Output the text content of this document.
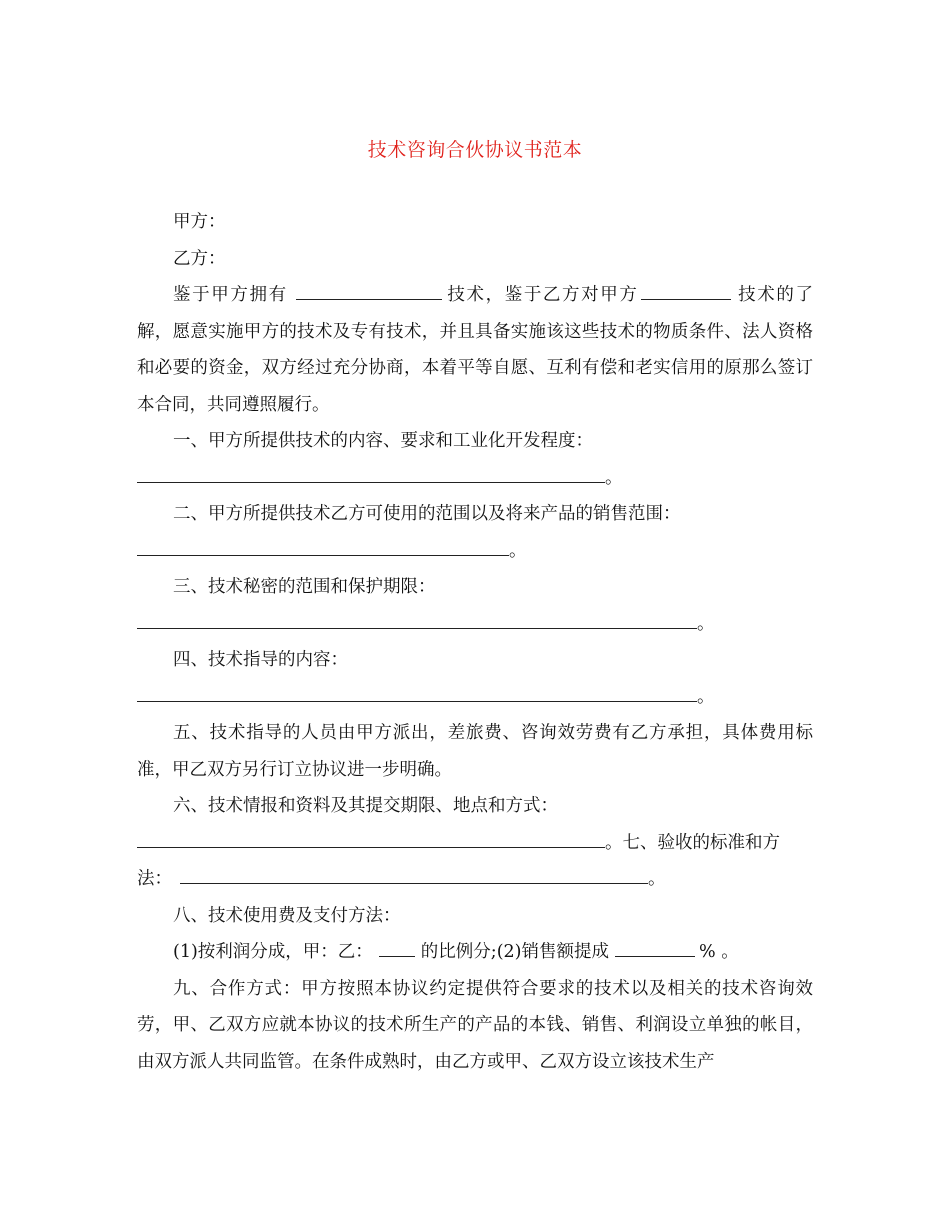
技术咨询合伙协议书范本

甲方：

乙方：

鉴于甲方拥有	技术，鉴于乙方对甲方	技术的了解，愿意实施甲方的技术及专有技术，并且具备实施该这些技术的物质条件、法人资格和必要的资金，双方经过充分协商，本着平等自愿、互利有偿和老实信用的原那么签订本合同，共同遵照履行。

一、甲方所提供技术的内容、要求和工业化开发程度：

。

二、甲方所提供技术乙方可使用的范围以及将来产品的销售范围：

。

三、技术秘密的范围和保护期限：

。

四、技术指导的内容：

。

五、技术指导的人员由甲方派出，差旅费、咨询效劳费有乙方承担，具体费用标准，甲乙双方另行订立协议进一步明确。

六、技术情报和资料及其提交期限、地点和方式：

。七、验收的标准和方

法：	。

八、技术使用费及支付方法：

(1)按利润分成，甲：乙：	的比例分;(2)销售额提成	% 。

九、合作方式：甲方按照本协议约定提供符合要求的技术以及相关的技术咨询效劳，甲、乙双方应就本协议的技术所生产的产品的本钱、销售、利润设立单独的帐目，由双方派人共同监管。在条件成熟时，由乙方或甲、乙双方设立该技术生产
